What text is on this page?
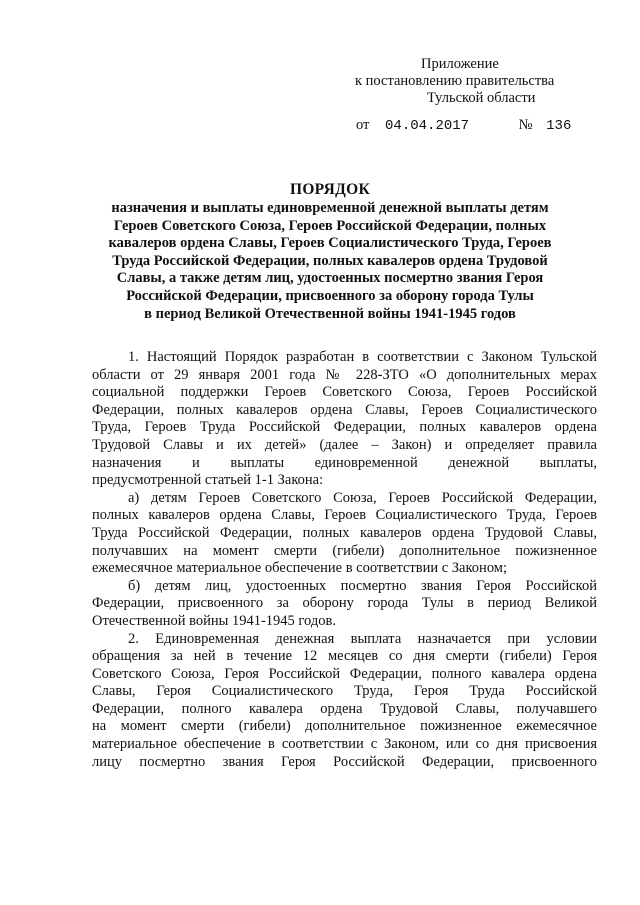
Приложение
к постановлению правительства
Тульской области
от 04.04.2017	№ 136
ПОРЯДОК
назначения и выплаты единовременной денежной выплаты детям
Героев Советского Союза, Героев Российской Федерации, полных
кавалеров ордена Славы, Героев Социалистического Труда, Героев
Труда Российской Федерации, полных кавалеров ордена Трудовой
Славы, а также детям лиц, удостоенных посмертно звания Героя
Российской Федерации, присвоенного за оборону города Тулы
в период Великой Отечественной войны 1941-1945 годов
1. Настоящий Порядок разработан в соответствии с Законом Тульской
области от 29 января 2001 года № 228-ЗТО «О дополнительных мерах
социальной поддержки Героев Советского Союза, Героев Российской
Федерации, полных кавалеров ордена Славы, Героев Социалистического
Труда, Героев Труда Российской Федерации, полных кавалеров ордена
Трудовой Славы и их детей» (далее – Закон) и определяет правила
назначения и выплаты единовременной денежной выплаты,
предусмотренной статьей 1-1 Закона:
а) детям Героев Советского Союза, Героев Российской Федерации,
полных кавалеров ордена Славы, Героев Социалистического Труда, Героев
Труда Российской Федерации, полных кавалеров ордена Трудовой Славы,
получавших на момент смерти (гибели) дополнительное пожизненное
ежемесячное материальное обеспечение в соответствии с Законом;
б) детям лиц, удостоенных посмертно звания Героя Российской
Федерации, присвоенного за оборону города Тулы в период Великой
Отечественной войны 1941-1945 годов.
2. Единовременная денежная выплата назначается при условии
обращения за ней в течение 12 месяцев со дня смерти (гибели) Героя
Советского Союза, Героя Российской Федерации, полного кавалера ордена
Славы, Героя Социалистического Труда, Героя Труда Российской
Федерации, полного кавалера ордена Трудовой Славы, получавшего
на момент смерти (гибели) дополнительное пожизненное ежемесячное
материальное обеспечение в соответствии с Законом, или со дня присвоения
лицу посмертно звания Героя Российской Федерации, присвоенного
